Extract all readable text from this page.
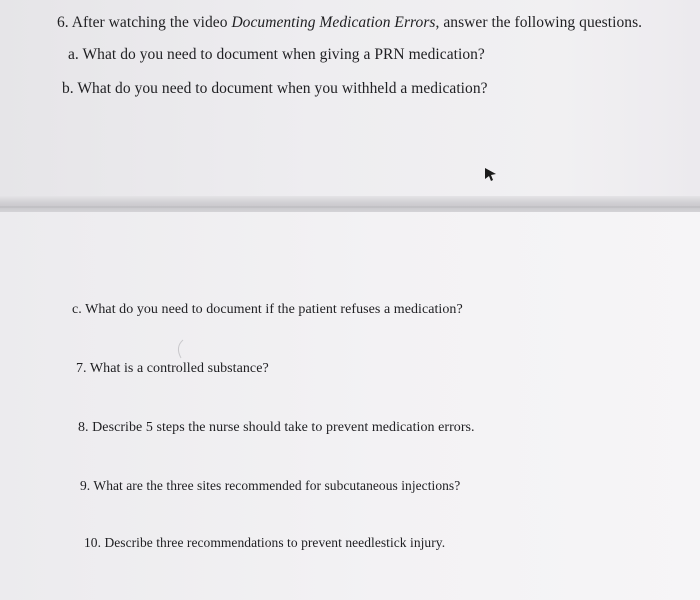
6. After watching the video Documenting Medication Errors, answer the following questions.

a. What do you need to document when giving a PRN medication?

b. What do you need to document when you withheld a medication?

c. What do you need to document if the patient refuses a medication?

7. What is a controlled substance?

8. Describe 5 steps the nurse should take to prevent medication errors.

9. What are the three sites recommended for subcutaneous injections?

10. Describe three recommendations to prevent needlestick injury.
